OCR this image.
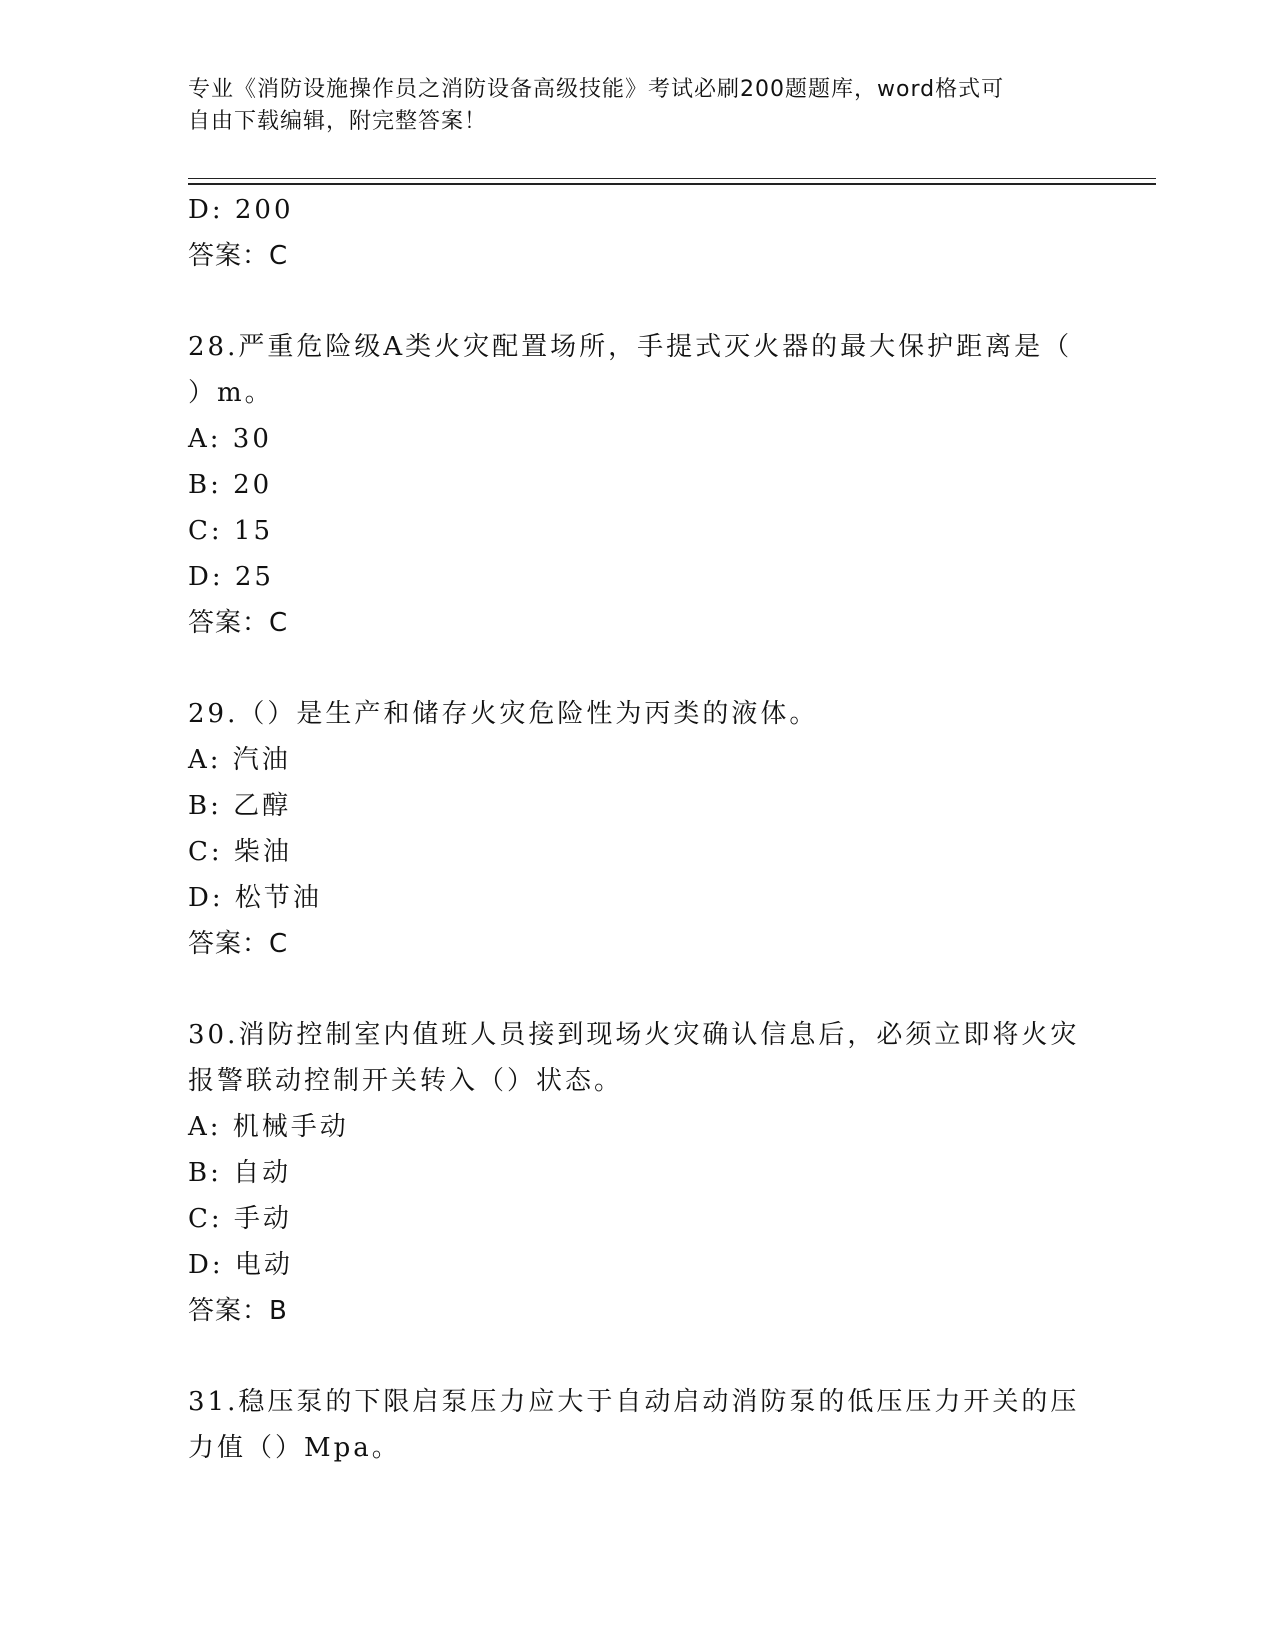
专业《消防设施操作员之消防设备高级技能》考试必刷200题题库，word格式可
自由下载编辑，附完整答案！
D: 200
答案：C
28.严重危险级A类火灾配置场所，手提式灭火器的最大保护距离是（
）m。
A: 30
B: 20
C: 15
D: 25
答案：C
29.（）是生产和储存火灾危险性为丙类的液体。
A: 汽油
B: 乙醇
C: 柴油
D: 松节油
答案：C
30.消防控制室内值班人员接到现场火灾确认信息后，必须立即将火灾
报警联动控制开关转入（）状态。
A: 机械手动
B: 自动
C: 手动
D: 电动
答案：B
31.稳压泵的下限启泵压力应大于自动启动消防泵的低压压力开关的压
力值（）Mpa。
